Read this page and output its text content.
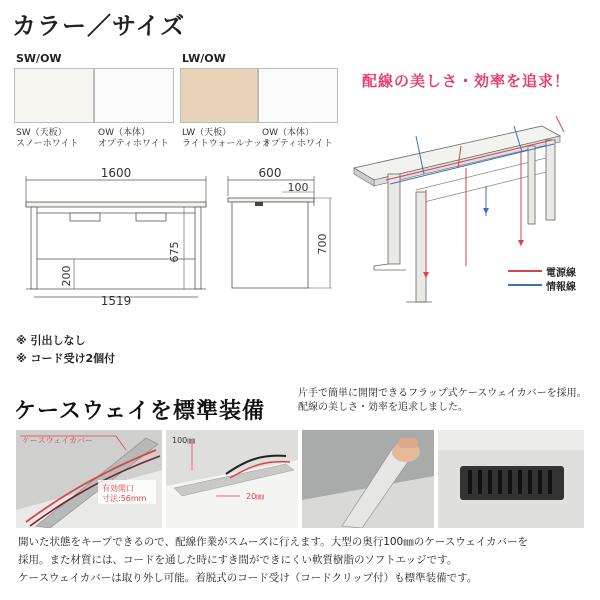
カラー／サイズ
SW/OW
SW（天板）
スノーホワイト
OW（本体）
オプティホワイト
LW/OW
LW（天板）
ライトウォールナット
OW（本体）
オプティホワイト
1600
675
200
1519
600
100
700
配線の美しさ・効率を追求！
電源線
情報線
※ 引出しなし
※ コード受け2個付
ケースウェイを標準装備
片手で簡単に開閉できるフラップ式ケースウェイカバーを採用。配線の美しさ・効率を追求しました。
ケースウェイカバー
有効開口
寸法:56mm
100㎜
20㎜
開いた状態をキープできるので、配線作業がスムーズに行えます。大型の奥行100㎜のケースウェイカバーを
採用。また材質には、コードを通した時にすき間ができにくい軟質樹脂のソフトエッジです。
ケースウェイカバーは取り外し可能。着脱式のコード受け（コードクリップ付）も標準装備です。
